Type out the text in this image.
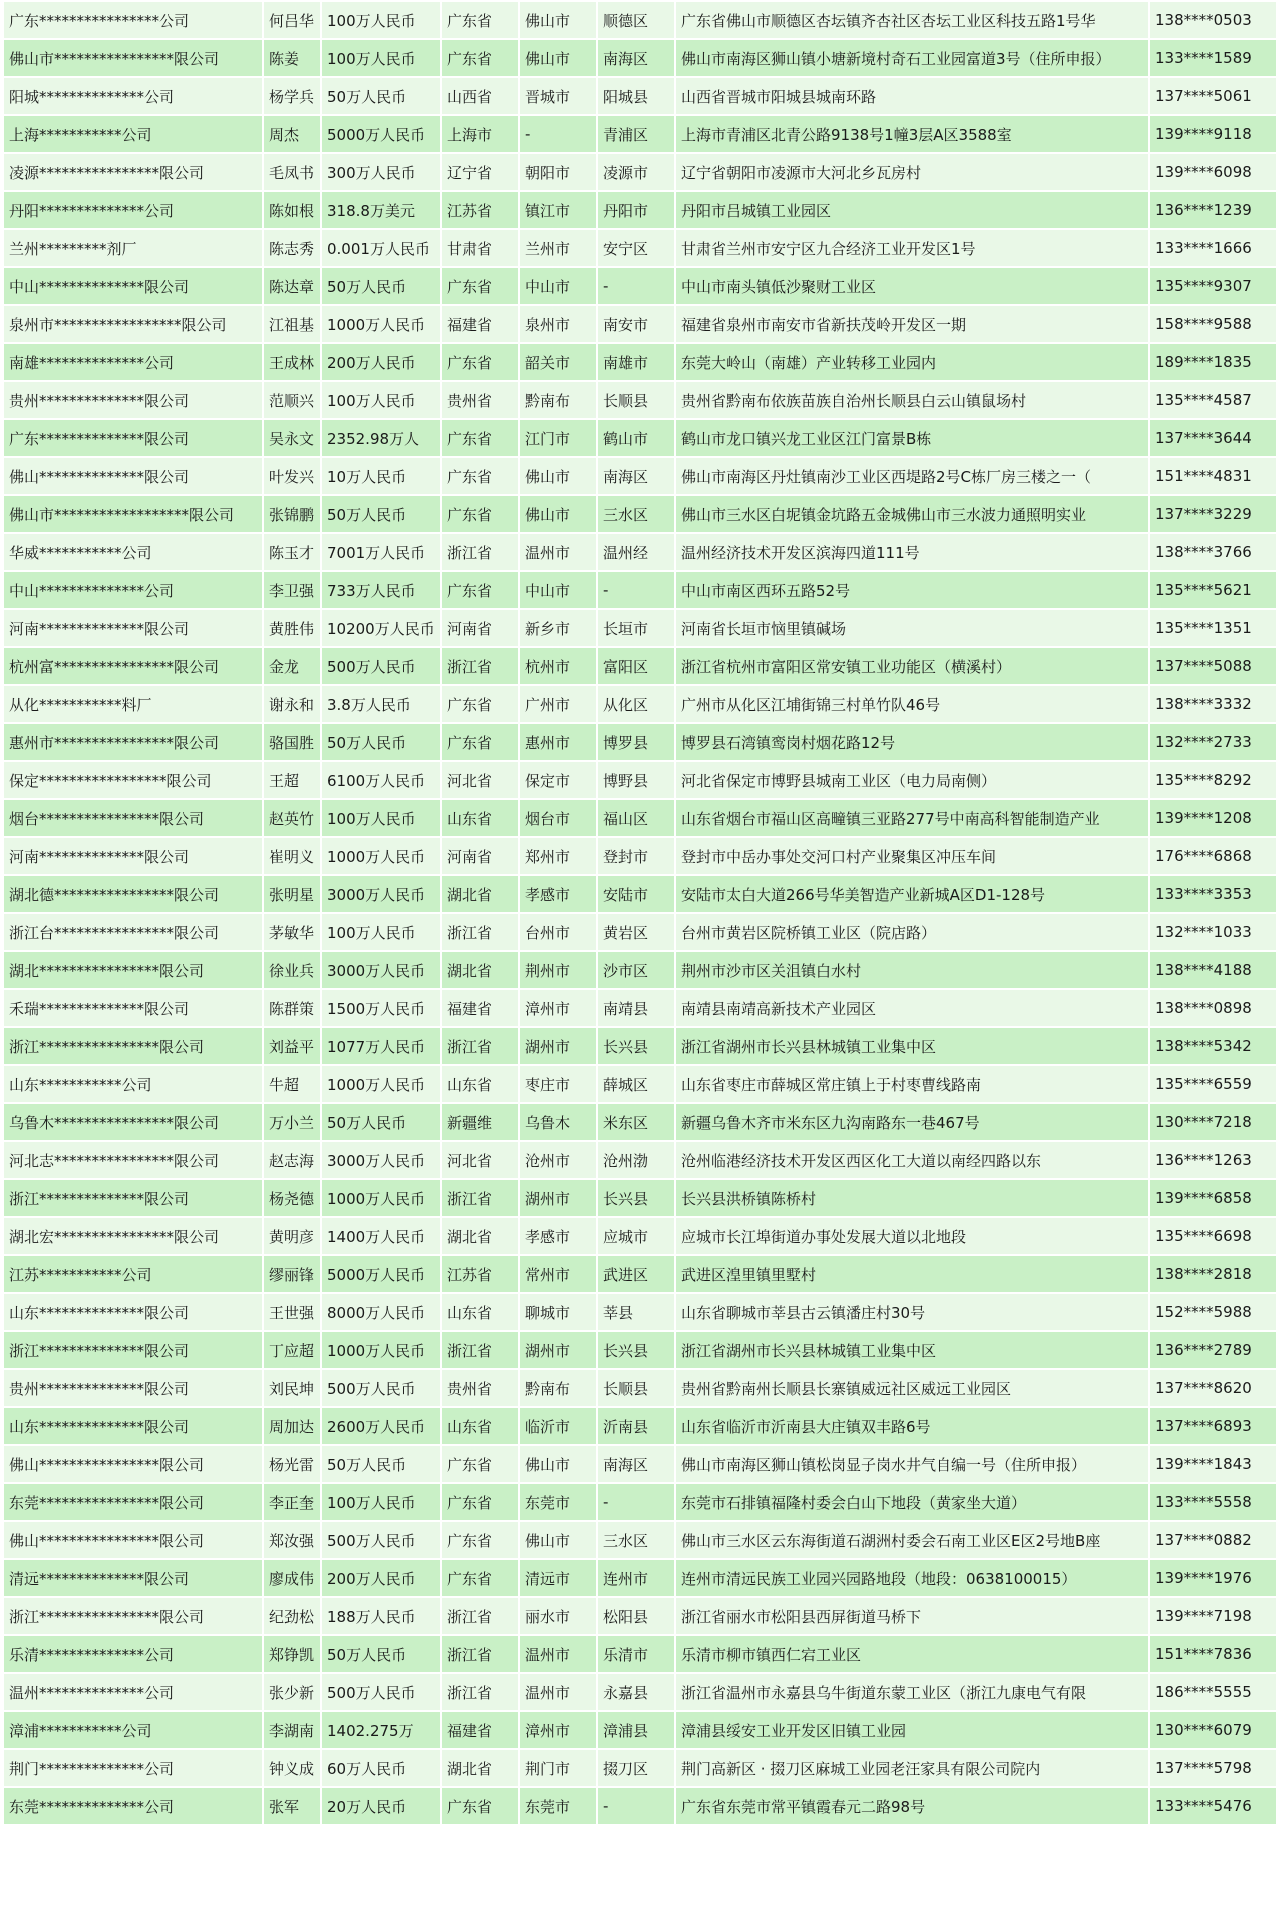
广东****************公司	何吕华	100万人民币	广东省	佛山市	顺德区	广东省佛山市顺德区杏坛镇齐杏社区杏坛工业区科技五路1号华	138****0503
佛山市****************限公司	陈姜	100万人民币	广东省	佛山市	南海区	佛山市南海区狮山镇小塘新境村奇石工业园富道3号（住所申报）	133****1589
阳城**************公司	杨学兵	50万人民币	山西省	晋城市	阳城县	山西省晋城市阳城县城南环路	137****5061
上海***********公司	周杰	5000万人民币	上海市	-	青浦区	上海市青浦区北青公路9138号1幢3层A区3588室	139****9118
凌源****************限公司	毛凤书	300万人民币	辽宁省	朝阳市	凌源市	辽宁省朝阳市凌源市大河北乡瓦房村	139****6098
丹阳**************公司	陈如根	318.8万美元	江苏省	镇江市	丹阳市	丹阳市吕城镇工业园区	136****1239
兰州*********剂厂	陈志秀	0.001万人民币	甘肃省	兰州市	安宁区	甘肃省兰州市安宁区九合经济工业开发区1号	133****1666
中山**************限公司	陈达章	50万人民币	广东省	中山市	-	中山市南头镇低沙聚财工业区	135****9307
泉州市*****************限公司	江祖基	1000万人民币	福建省	泉州市	南安市	福建省泉州市南安市省新扶茂岭开发区一期	158****9588
南雄**************公司	王成林	200万人民币	广东省	韶关市	南雄市	东莞大岭山（南雄）产业转移工业园内	189****1835
贵州**************限公司	范顺兴	100万人民币	贵州省	黔南布	长顺县	贵州省黔南布依族苗族自治州长顺县白云山镇鼠场村	135****4587
广东**************限公司	吴永文	2352.98万人	广东省	江门市	鹤山市	鹤山市龙口镇兴龙工业区江门富景B栋	137****3644
佛山**************限公司	叶发兴	10万人民币	广东省	佛山市	南海区	佛山市南海区丹灶镇南沙工业区西堤路2号C栋厂房三楼之一（	151****4831
佛山市******************限公司	张锦鹏	50万人民币	广东省	佛山市	三水区	佛山市三水区白坭镇金坑路五金城佛山市三水波力通照明实业	137****3229
华威***********公司	陈玉才	7001万人民币	浙江省	温州市	温州经	温州经济技术开发区滨海四道111号	138****3766
中山**************公司	李卫强	733万人民币	广东省	中山市	-	中山市南区西环五路52号	135****5621
河南**************限公司	黄胜伟	10200万人民币	河南省	新乡市	长垣市	河南省长垣市恼里镇碱场	135****1351
杭州富****************限公司	金龙	500万人民币	浙江省	杭州市	富阳区	浙江省杭州市富阳区常安镇工业功能区（横溪村）	137****5088
从化***********料厂	谢永和	3.8万人民币	广东省	广州市	从化区	广州市从化区江埔街锦三村单竹队46号	138****3332
惠州市****************限公司	骆国胜	50万人民币	广东省	惠州市	博罗县	博罗县石湾镇鸾岗村烟花路12号	132****2733
保定*****************限公司	王超	6100万人民币	河北省	保定市	博野县	河北省保定市博野县城南工业区（电力局南侧）	135****8292
烟台****************限公司	赵英竹	100万人民币	山东省	烟台市	福山区	山东省烟台市福山区高疃镇三亚路277号中南高科智能制造产业	139****1208
河南**************限公司	崔明义	1000万人民币	河南省	郑州市	登封市	登封市中岳办事处交河口村产业聚集区冲压车间	176****6868
湖北德****************限公司	张明星	3000万人民币	湖北省	孝感市	安陆市	安陆市太白大道266号华美智造产业新城A区D1-128号	133****3353
浙江台****************限公司	茅敏华	100万人民币	浙江省	台州市	黄岩区	台州市黄岩区院桥镇工业区（院店路）	132****1033
湖北****************限公司	徐业兵	3000万人民币	湖北省	荆州市	沙市区	荆州市沙市区关沮镇白水村	138****4188
禾瑞**************限公司	陈群策	1500万人民币	福建省	漳州市	南靖县	南靖县南靖高新技术产业园区	138****0898
浙江****************限公司	刘益平	1077万人民币	浙江省	湖州市	长兴县	浙江省湖州市长兴县林城镇工业集中区	138****5342
山东***********公司	牛超	1000万人民币	山东省	枣庄市	薛城区	山东省枣庄市薛城区常庄镇上于村枣曹线路南	135****6559
乌鲁木****************限公司	万小兰	50万人民币	新疆维	乌鲁木	米东区	新疆乌鲁木齐市米东区九沟南路东一巷467号	130****7218
河北志****************限公司	赵志海	3000万人民币	河北省	沧州市	沧州渤	沧州临港经济技术开发区西区化工大道以南经四路以东	136****1263
浙江**************限公司	杨尧德	1000万人民币	浙江省	湖州市	长兴县	长兴县洪桥镇陈桥村	139****6858
湖北宏****************限公司	黄明彦	1400万人民币	湖北省	孝感市	应城市	应城市长江埠街道办事处发展大道以北地段	135****6698
江苏***********公司	缪丽锋	5000万人民币	江苏省	常州市	武进区	武进区湟里镇里墅村	138****2818
山东**************限公司	王世强	8000万人民币	山东省	聊城市	莘县	山东省聊城市莘县古云镇潘庄村30号	152****5988
浙江**************限公司	丁应超	1000万人民币	浙江省	湖州市	长兴县	浙江省湖州市长兴县林城镇工业集中区	136****2789
贵州**************限公司	刘民坤	500万人民币	贵州省	黔南布	长顺县	贵州省黔南州长顺县长寨镇威远社区威远工业园区	137****8620
山东**************限公司	周加达	2600万人民币	山东省	临沂市	沂南县	山东省临沂市沂南县大庄镇双丰路6号	137****6893
佛山****************限公司	杨光雷	50万人民币	广东省	佛山市	南海区	佛山市南海区狮山镇松岗显子岗水井气自编一号（住所申报）	139****1843
东莞****************限公司	李正奎	100万人民币	广东省	东莞市	-	东莞市石排镇福隆村委会白山下地段（黄家坐大道）	133****5558
佛山****************限公司	郑汝强	500万人民币	广东省	佛山市	三水区	佛山市三水区云东海街道石湖洲村委会石南工业区E区2号地B座	137****0882
清远**************限公司	廖成伟	200万人民币	广东省	清远市	连州市	连州市清远民族工业园兴园路地段（地段：0638100015）	139****1976
浙江****************限公司	纪劲松	188万人民币	浙江省	丽水市	松阳县	浙江省丽水市松阳县西屏街道马桥下	139****7198
乐清**************公司	郑铮凯	50万人民币	浙江省	温州市	乐清市	乐清市柳市镇西仁宕工业区	151****7836
温州**************公司	张少新	500万人民币	浙江省	温州市	永嘉县	浙江省温州市永嘉县乌牛街道东蒙工业区（浙江九康电气有限	186****5555
漳浦***********公司	李湖南	1402.275万	福建省	漳州市	漳浦县	漳浦县绥安工业开发区旧镇工业园	130****6079
荆门**************公司	钟义成	60万人民币	湖北省	荆门市	掇刀区	荆门高新区 · 掇刀区麻城工业园老汪家具有限公司院内	137****5798
东莞**************公司	张军	20万人民币	广东省	东莞市	-	广东省东莞市常平镇霞春元二路98号	133****5476
